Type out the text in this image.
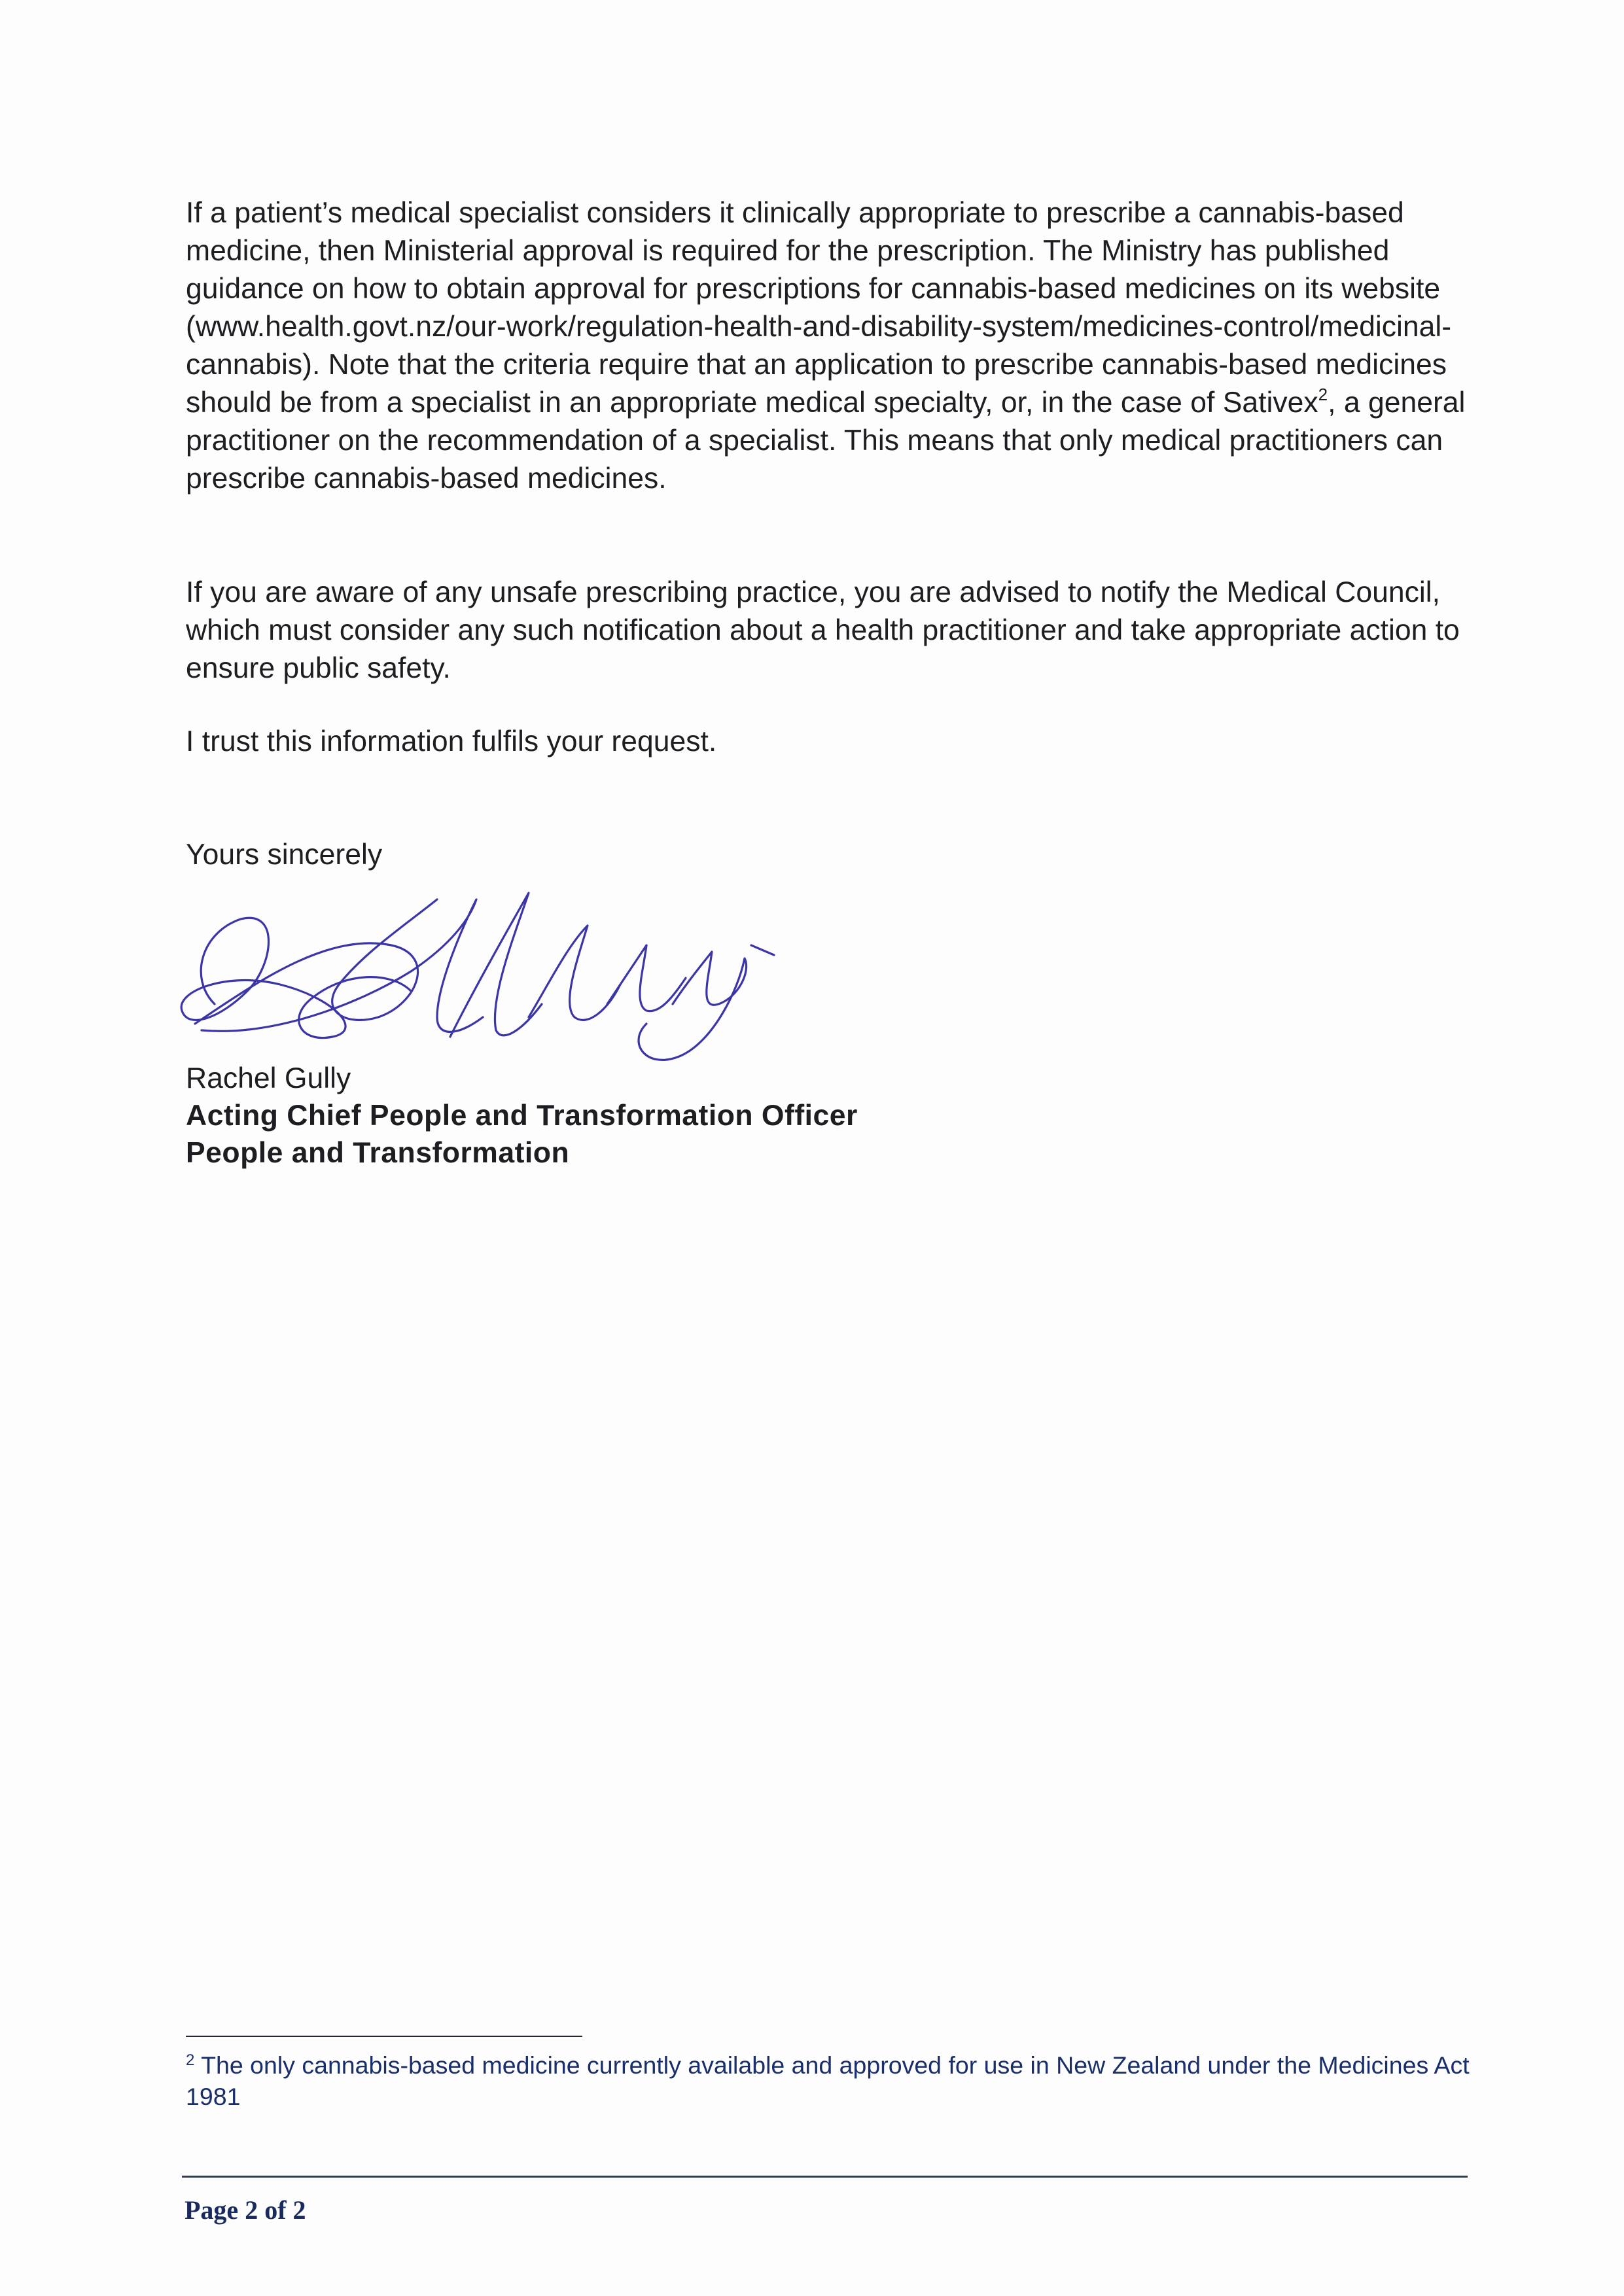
If a patient’s medical specialist considers it clinically appropriate to prescribe a cannabis-based medicine, then Ministerial approval is required for the prescription. The Ministry has published guidance on how to obtain approval for prescriptions for cannabis-based medicines on its website (www.health.govt.nz/our-work/regulation-health-and-disability-system/medicines-control/medicinal-cannabis). Note that the criteria require that an application to prescribe cannabis-based medicines should be from a specialist in an appropriate medical specialty, or, in the case of Sativex$^2$, a general practitioner on the recommendation of a specialist. This means that only medical practitioners can prescribe cannabis-based medicines.

If you are aware of any unsafe prescribing practice, you are advised to notify the Medical Council, which must consider any such notification about a health practitioner and take appropriate action to ensure public safety.

I trust this information fulfils your request.

Yours sincerely

Rachel Gully
Acting Chief People and Transformation Officer
People and Transformation
$^2$ The only cannabis-based medicine currently available and approved for use in New Zealand under the Medicines Act 1981
Page 2 of 2
